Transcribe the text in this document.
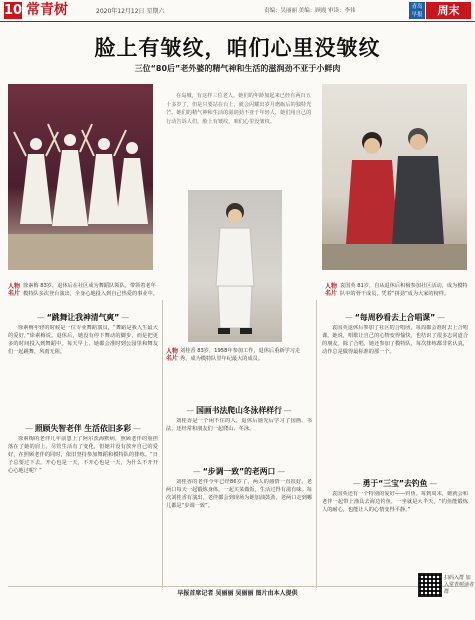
10 常青树	2020年12月12日 星期六	责编：吴丽丽 美编：顾霞 审读：李伟
青岛早报	周末
脸上有皱纹，咱们心里没皱纹
三位“80后”老外婆的精气神和生活的滋润劲不亚于小鲜肉
在岛城，有这样三位老人，她们的年龄加起来已经有两百五十多岁了，但是只要站在台上，就会闪耀出岁月磨砺后的独特光芒。她们的精气神和生活的滋润劲不亚于年轻人，她们用自己的行动告诉人们，脸上有皱纹，咱们心里没皱纹。
人物名片
徐素梅 83岁，退休后在社区成为舞蹈队领队，带领着老年模特队多次登台演出，全身心地投入到自己热爱的事业中。
人物名片
刘桂香 83岁，1958年参加工作，退休后重新学习走秀，成为模特队里年纪最大的成员。
人物名片
袁国英 81岁，自从退休后积极参加社区活动，成为模特队中的骨干成员，凭着“拼劲”成为大家的榜样。
— “跳舞让我神清气爽” —
徐素梅年轻的时候是一位专业舞蹈演员，“舞蹈是我人生最大的爱好，”徐素梅说。退休后，她没有停下舞动的脚步，而是把更多的时间投入到舞蹈中。每天早上，她都会准时到公园里和舞友们一起跳舞，风雨无阻。
— 国画书法爬山冬泳样样行 —
刘桂香是一个闲不住的人，退休后她先后学习了国画、书法，还经常和朋友们一起爬山、冬泳。
— 照顾失智老伴 生活依旧多彩 —
徐素梅的老伴几年前患上了阿尔茨海默病，照顾老伴的重担落在了她的肩上。尽管生活有了变化，但她并没有放弃自己的爱好，在照顾老伴的同时，依旧坚持参加舞蹈和模特队的排练。“日子总要过下去，开心也是一天，不开心也是一天，为什么不开开心心地过呢？”
—	“步调一致”的老两口 —
刘桂香的老伴今年已经86岁了，两人的感情一直很好。老两口每天一起锻炼身体，一起买菜做饭，生活过得有滋有味。每次刘桂香有演出，老伴都会到现场为她加油鼓劲，老两口走到哪儿都是“步调一致”。
— “每周秒看去上合唱课” —
袁国英退休后参加了社区的合唱团，每周都会准时去上合唱课。她说，唱歌让自己的心情变得愉快，也结识了很多志同道合的朋友。除了合唱，她还参加了模特队，每次排练都非常认真，动作总是做得最标准的那一个。
— 勇于“三宝”去钓鱼 —
袁国英还有一个特别的爱好——钓鱼。每到周末，她就会和老伴一起带上渔具去海边钓鱼，一坐就是大半天。“钓鱼能锻炼人的耐心，也能让人的心情变得平静。”
早报首席记者 吴丽丽 吴丽丽 图片由本人提供
扫码入群 加入常青树读者群
